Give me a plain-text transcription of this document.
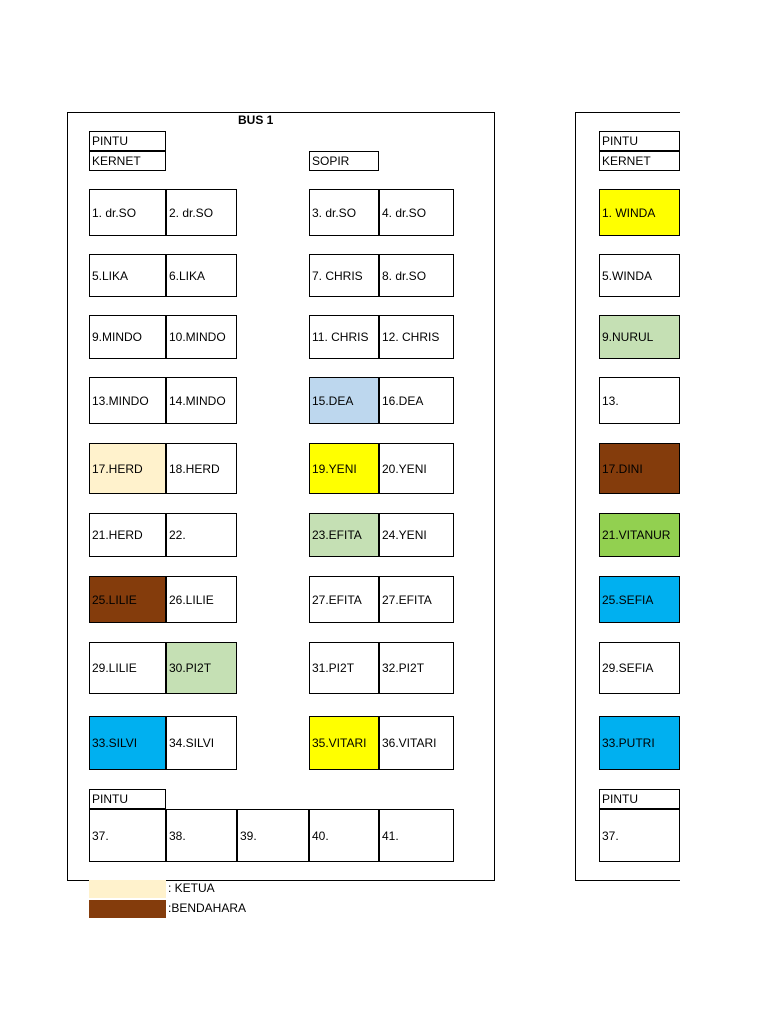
BUS 1
PINTU
KERNET	SOPIR
1. dr.SO	2. dr.SO	3. dr.SO	4. dr.SO
5.LIKA	6.LIKA	7. CHRIS	8. dr.SO
9.MINDO	10.MINDO	11. CHRIS	12. CHRIS
13.MINDO	14.MINDO	15.DEA	16.DEA
17.HERD	18.HERD	19.YENI	20.YENI
21.HERD	22.	23.EFITA	24.YENI
25.LILIE	26.LILIE	27.EFITA	27.EFITA
29.LILIE	30.PI2T	31.PI2T	32.PI2T
33.SILVI	34.SILVI	35.VITARI	36.VITARI
PINTU
37.	38.	39.	40.	41.
PINTU
KERNET
1. WINDA
5.WINDA
9.NURUL
13.
17.DINI
21.VITANUR
25.SEFIA
29.SEFIA
33.PUTRI
PINTU
37.
: KETUA
:BENDAHARA
